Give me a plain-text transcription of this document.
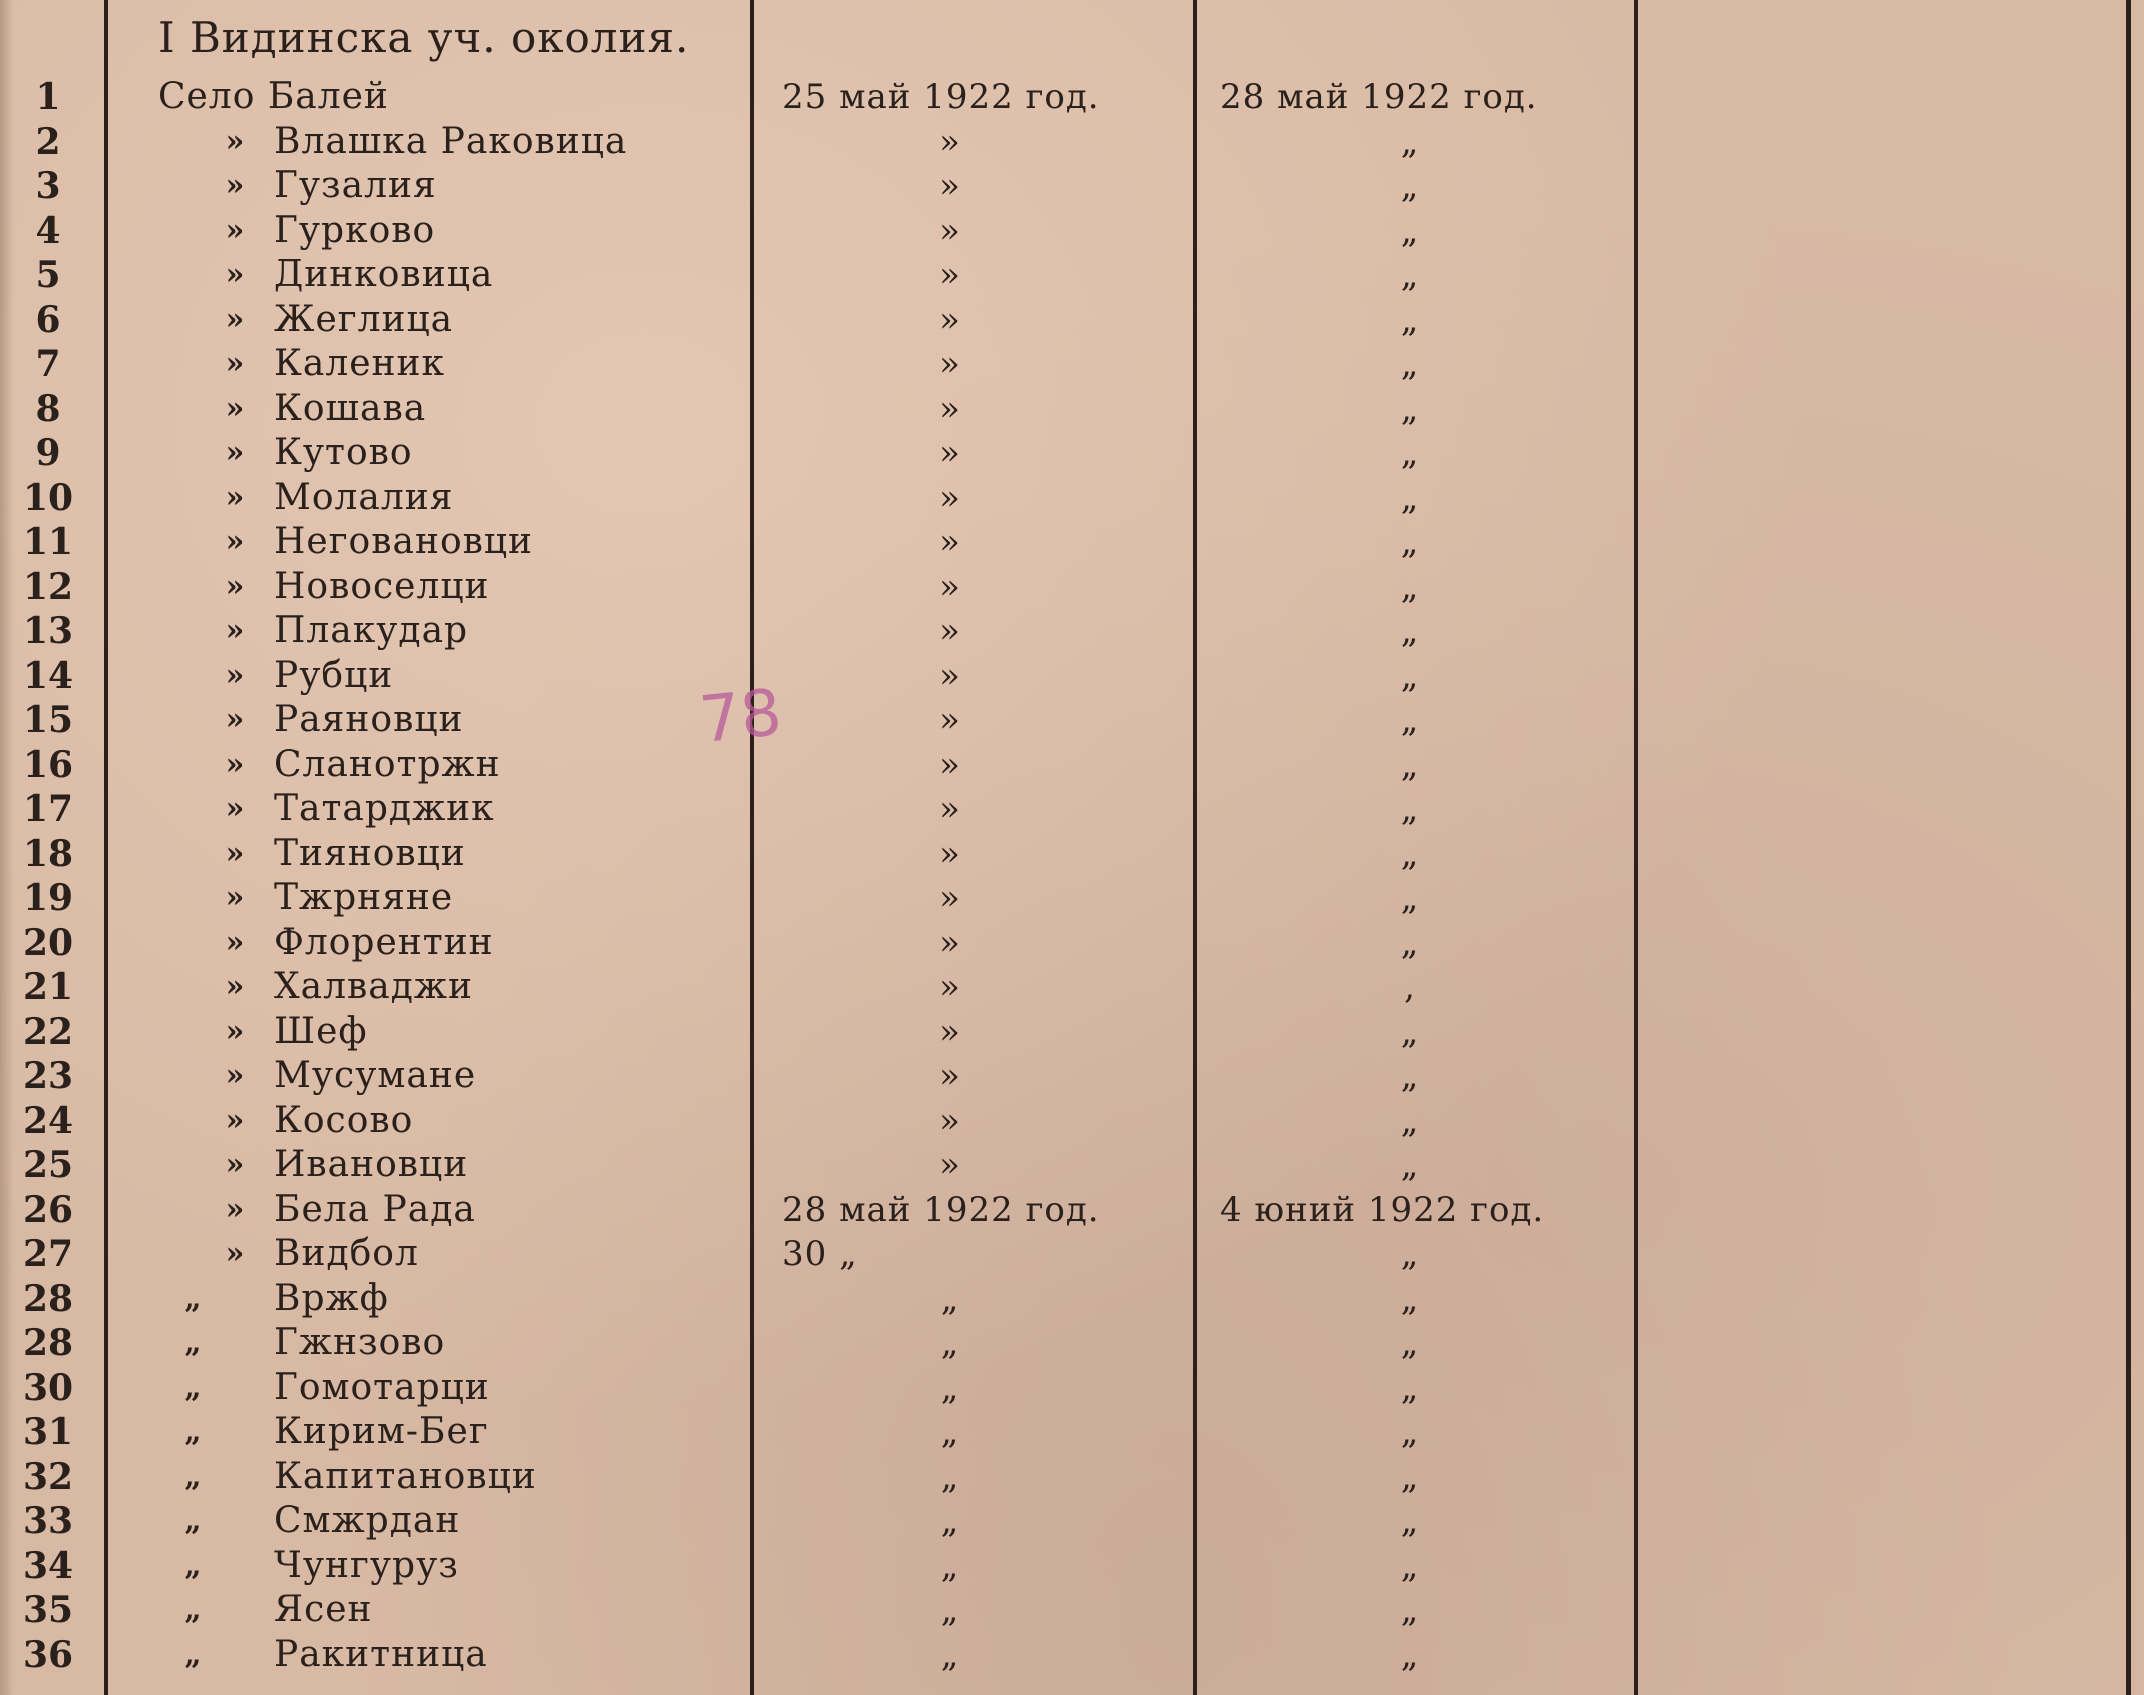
I Видинска уч. околия.
78
1	Село Балей	25 май 1922 год.	28 май 1922 год.
2	» Влашка Раковица	»	„
3	» Гузалия	»	„
4	» Гурково	»	„
5	» Динковица	»	„
6	» Жеглица	»	„
7	» Каленик	»	„
8	» Кошава	»	„
9	» Кутово	»	„
10	» Молалия	»	„
11	» Негованoвци	»	„
12	» Новоселци	»	„
13	» Плакудар	»	„
14	» Рубци	»	„
15	» Раяновци	»	„
16	» Сланотржн	»	„
17	» Татарджик	»	„
18	» Тияновци	»	„
19	» Тжрняне	»	„
20	» Флорентин	»	„
21	» Халваджи	»	,
22	» Шеф	»	„
23	» Мусумане	»	„
24	» Косово	»	„
25	» Ивановци	»	„
26	» Бела Рада	28 май 1922 год.	4 юний 1922 год.
27	» Видбол	30 „	„
28	„	Вржф	„	„
28	„	Гжнзово	„	„
30	„	Гомотарци	„	„
31	„	Кирим-Бег	„	„
32	„	Капитановци	„	„
33	„	Смжрдан	„	„
34	„	Чунгуруз	„	„
35	„	Ясен	„	„
36	„	Ракитница	„	„
